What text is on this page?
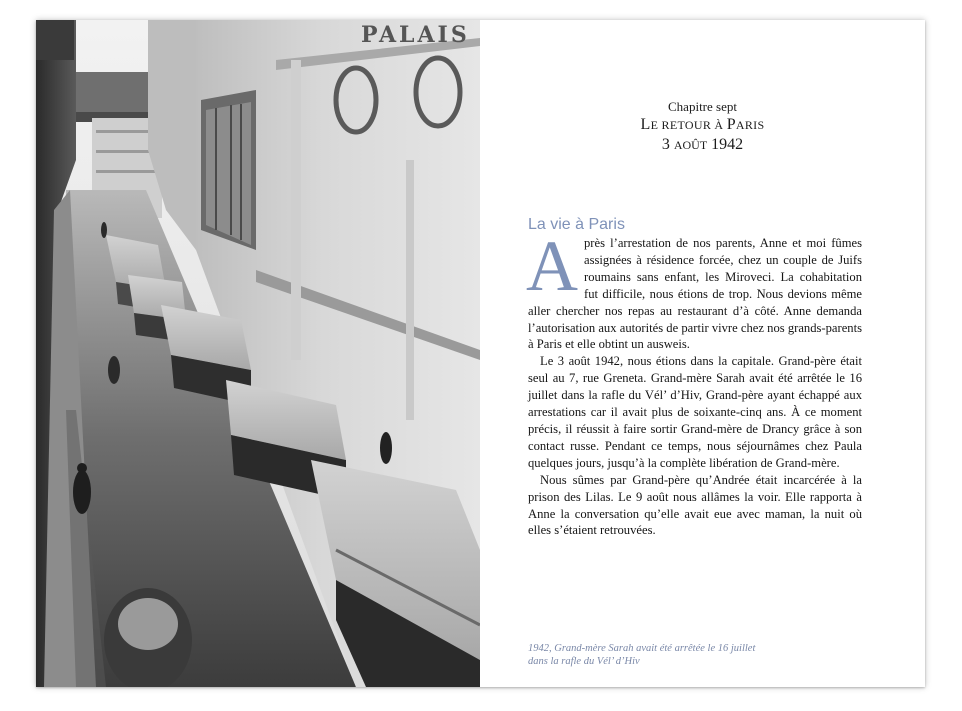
PALAIS
Chapitre sept
LE RETOUR À PARIS
3 AOÛT 1942
La vie à Paris

Après l’arrestation de nos parents, Anne et moi fûmes assignées à résidence forcée, chez un couple de Juifs roumains sans enfant, les Miroveci. La cohabitation fut difficile, nous étions de trop. Nous devions même aller chercher nos repas au restaurant d’à côté. Anne demanda l’autorisation aux autorités de partir vivre chez nos grands-parents à Paris et elle obtint un ausweis.

Le 3 août 1942, nous étions dans la capitale. Grand-père était seul au 7, rue Greneta. Grand-mère Sarah avait été arrêtée le 16 juillet dans la rafle du Vél’ d’Hiv, Grand-père ayant échappé aux arrestations car il avait plus de soixante-cinq ans. À ce moment précis, il réussit à faire sortir Grand-mère de Drancy grâce à son contact russe. Pendant ce temps, nous séjournâmes chez Paula quelques jours, jusqu’à la complète libération de Grand-mère.

Nous sûmes par Grand-père qu’Andrée était incarcérée à la prison des Lilas. Le 9 août nous allâmes la voir. Elle rapporta à Anne la conversation qu’elle avait eue avec maman, la nuit où elles s’étaient retrouvées.

1942, Grand-mère Sarah avait été arrêtée le 16 juillet
dans la rafle du Vél’ d’Hiv
